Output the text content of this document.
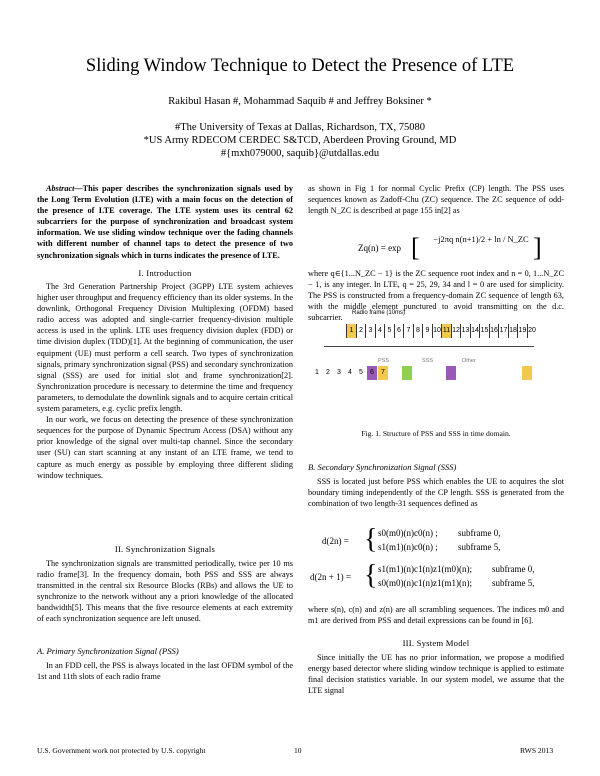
Sliding Window Technique to Detect the Presence of LTE
Rakibul Hasan #, Mohammad Saquib # and Jeffrey Boksiner *
#The University of Texas at Dallas, Richardson, TX, 75080
*US Army RDECOM CERDEC S&TCD, Aberdeen Proving Ground, MD
#{mxh079000, saquib}@utdallas.edu

Abstract—This paper describes the synchronization signals used by the Long Term Evolution (LTE) with a main focus on the detection of the presence of LTE coverage. The LTE system uses its central 62 subcarriers for the purpose of synchronization and broadcast system information. We use sliding window technique over the fading channels with different number of channel taps to detect the presence of two synchronization signals which in turns indicates the presence of LTE.

I. Introduction

The 3rd Generation Partnership Project (3GPP) LTE system achieves higher user throughput and frequency efficiency than its older systems. In the downlink, Orthogonal Frequency Division Multiplexing (OFDM) based radio access was adopted and single-carrier frequency-division multiple access is used in the uplink. LTE uses frequency division duplex (FDD) or time division duplex (TDD)[1]. At the beginning of communication, the user equipment (UE) must perform a cell search. Two types of synchronization signals, primary synchronization signal (PSS) and secondary synchronization signal (SSS) are used for initial slot and frame synchronization[2]. Synchronization procedure is necessary to determine the time and frequency parameters, to demodulate the downlink signals and to acquire certain critical system parameters, e.g. cyclic prefix length.

In our work, we focus on detecting the presence of these synchronization sequences for the purpose of Dynamic Spectrum Access (DSA) without any prior knowledge of the signal over multi-tap channel. Since the secondary user (SU) can start scanning at any instant of an LTE frame, we tend to capture as much energy as possible by employing three different sliding window techniques.

II. Synchronization Signals

The synchronization signals are transmitted periodically, twice per 10 ms radio frame[3]. In the frequency domain, both PSS and SSS are always transmitted in the central six Resource Blocks (RBs) and allows the UE to synchronize to the network without any a priori knowledge of the allocated bandwidth[5]. This means that the five resource elements at each extremity of each synchronization sequence are left unused.

A. Primary Synchronization Signal (PSS)

In an FDD cell, the PSS is always located in the last OFDM symbol of the 1st and 11th slots of each radio frame

as shown in Fig 1 for normal Cyclic Prefix (CP) length. The PSS uses sequences known as Zadoff-Chu (ZC) sequence. The ZC sequence of odd-length N_ZC is described at page 155 in[2] as

Zq(n) = exp [	−j2πq n(n+1)/2 + ln / N_ZC ]

where q∈{1...N_ZC − 1} is the ZC sequence root index and n = 0, 1...N_ZC − 1, is any integer. In LTE, q = 25, 29, 34 and l = 0 are used for simplicity. The PSS is constructed from a frequency-domain ZC sequence of length 63, with the middle element punctured to avoid transmitting on the d.c. subcarrier.

Radio frame (10ms)
1 2 3 4 5 6 7 8 9 10 11 12 13 14 15 16 17 18 19 20
1	2	3	4	5	6	7
PSS	SSS	Other
Fig. 1. Structure of PSS and SSS in time domain.
B. Secondary Synchronization Signal (SSS)

SSS is located just before PSS which enables the UE to acquires the slot boundary timing independently of the CP length. SSS is generated from the combination of two length-31 sequences defined as

d(2n) = { s0(m0)(n)c0(n) ; subframe 0,
s1(m1)(n)c0(n) ; subframe 5,
d(2n + 1) = { s1(m1)(n)c1(n)z1(m0)(n); subframe 0,
s0(m0)(n)c1(n)z1(m1)(n); subframe 5,

where s(n), c(n) and z(n) are all scrambling sequences. The indices m0 and m1 are derived from PSS and detail expressions can be found in [6].

III. System Model

Since initially the UE has no prior information, we propose a modified energy based detector where sliding window technique is applied to estimate final decision statistics variable. In our system model, we assume that the LTE signal

U.S. Government work not protected by U.S. copyright	10	RWS 2013
